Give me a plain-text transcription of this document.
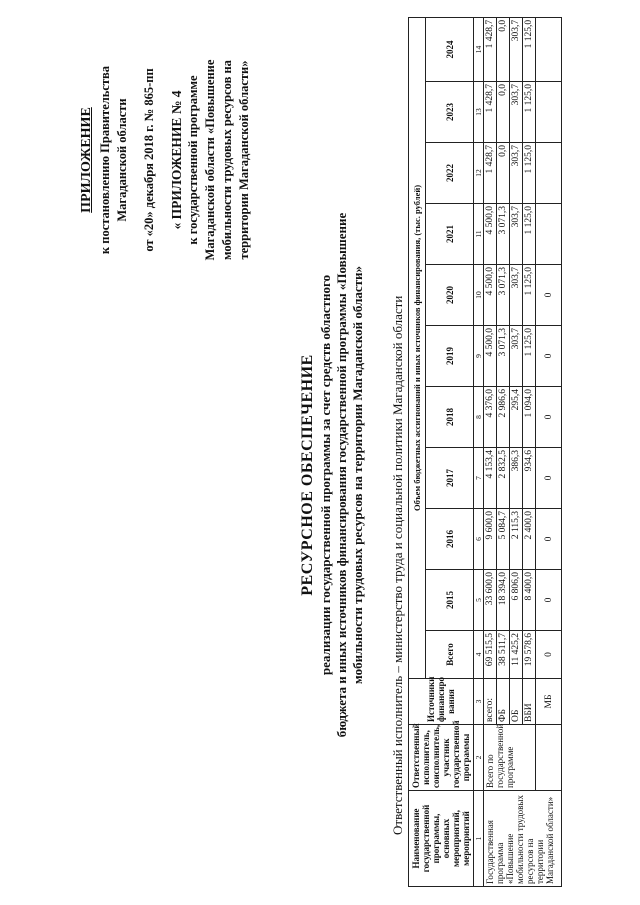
ПРИЛОЖЕНИЕ к постановлению Правительства Магаданской области от «20» декабря 2018 г. № 865-пп « ПРИЛОЖЕНИЕ № 4 к государственной программе Магаданской области «Повышение мобильности трудовых ресурсов на территории Магаданской области»
РЕСУРСНОЕ ОБЕСПЕЧЕНИЕ реализации государственной программы за счет средств областного бюджета и иных источников финансирования государственной программы «Повышение мобильности трудовых ресурсов на территории Магаданской области» Ответственный исполнитель – министерство труда и социальной политики Магаданской области
Наименование государственной программы, основных мероприятий, мероприятий	Ответственный исполнитель, соисполнитель, участник государственной программы	Источники финансиро вания	Объем бюджетных ассигнований и иных источников финансирования, (тыс. рублей)										
			Всего	2015	2016	2017	2018	2019	2020	2021	2022	2023	2024
1	2	3	4	5	6	7	8	9	10	11	12	13	14
Государственная программа «Повышение мобильности трудовых ресурсов на территории Магаданской области»	Всего по государственной программе	всего:	69 515,5	33 600,0	9 600,0	4 153,4	4 376,0	4 500,0	4 500,0	4 500,0	1 428,7	1 428,7	1 428,7
		ФБ	38 511,7	18 394,0	5 084,7	2 832,5	2 986,6	3 071,3	3 071,3	3 071,3	0,0	0,0	0,0
		ОБ	11 425,2	6 806,0	2 115,3	386,3	295,4	303,7	303,7	303,7	303,7	303,7	303,7
		ВБИ	19 578,6	8 400,0	2 400,0	934,6	1 094,0	1 125,0	1 125,0	1 125,0	1 125,0	1 125,0	1 125,0
		МБ	0	0	0	0	0	0	0				
